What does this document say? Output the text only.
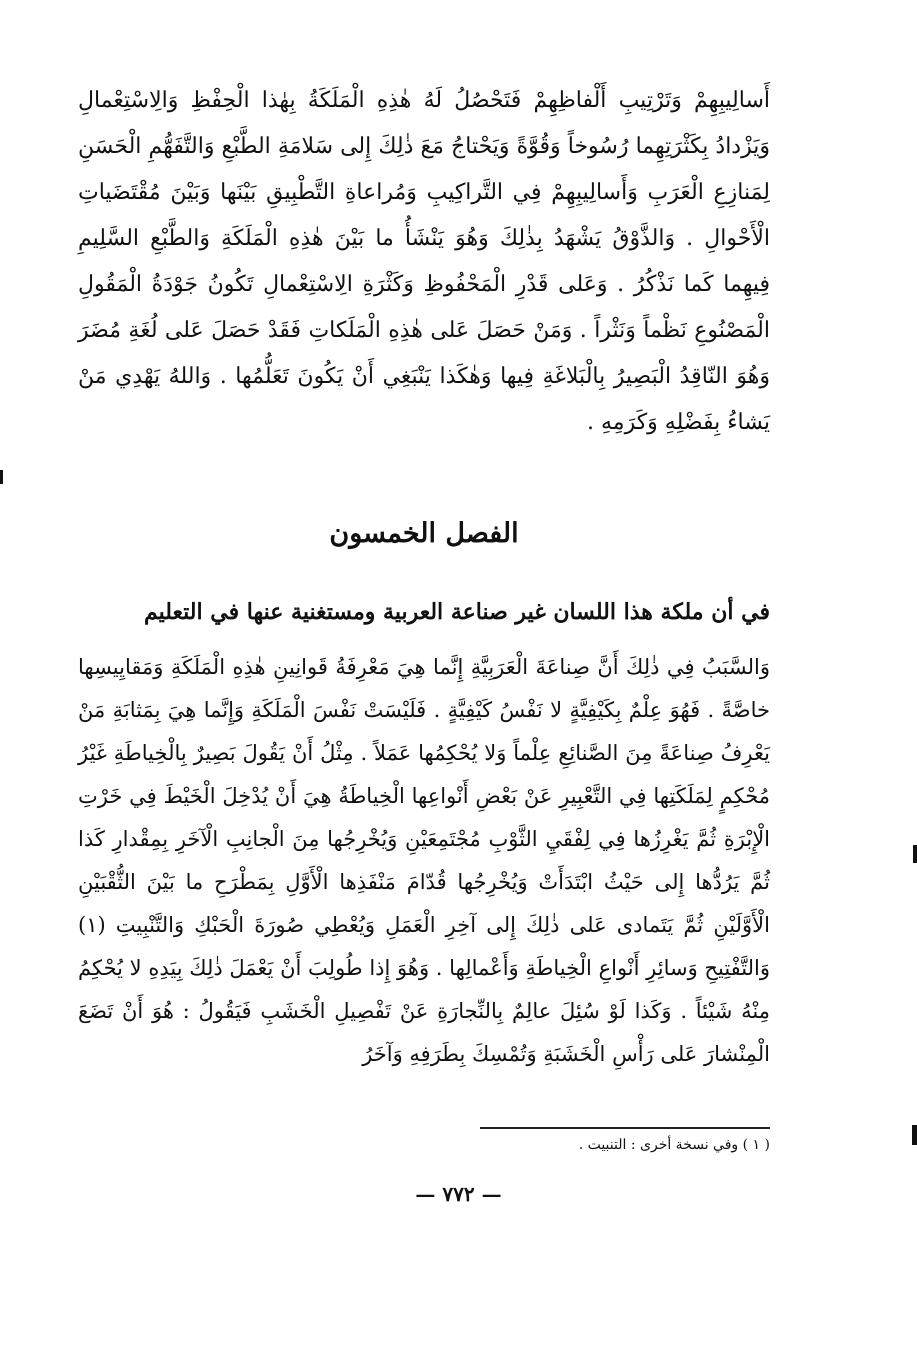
أَسالِيبِهِمْ وَتَرْتِيبِ أَلْفاظِهِمْ فَتَحْصُلُ لَهُ هٰذِهِ الْمَلَكَةُ بِهٰذا الْحِفْظِ وَالِاسْتِعْمالِ وَيَزْدادُ بِكَثْرَتِهِما رُسُوخاً وَقُوَّةً وَيَحْتاجُ مَعَ ذٰلِكَ إِلى سَلامَةِ الطَّبْعِ وَالتَّفَهُّمِ الْحَسَنِ لِمَنازِعِ الْعَرَبِ وَأَسالِيبِهِمْ فِي التَّراكِيبِ وَمُراعاةِ التَّطْبِيقِ بَيْنَها وَبَيْنَ مُقْتَضَياتِ الْأَحْوالِ . وَالذَّوْقُ يَشْهَدُ بِذٰلِكَ وَهُوَ يَنْشَأُ ما بَيْنَ هٰذِهِ الْمَلَكَةِ وَالطَّبْعِ السَّلِيمِ فِيهِما كَما نَذْكُرُ . وَعَلى قَدْرِ الْمَحْفُوظِ وَكَثْرَةِ الِاسْتِعْمالِ تَكُونُ جَوْدَةُ الْمَقُولِ الْمَصْنُوعِ نَظْماً وَنَثْراً . وَمَنْ حَصَلَ عَلى هٰذِهِ الْمَلَكاتِ فَقَدْ حَصَلَ عَلى لُغَةِ مُضَرَ وَهُوَ النّاقِدُ الْبَصِيرُ بِالْبَلاغَةِ فِيها وَهٰكَذا يَنْبَغِي أَنْ يَكُونَ تَعَلُّمُها . وَاللهُ يَهْدِي مَنْ يَشاءُ بِفَضْلِهِ وَكَرَمِهِ .

الفصل الخمسون
في أن ملكة هذا اللسان غير صناعة العربية ومستغنية عنها في التعليم

وَالسَّبَبُ فِي ذٰلِكَ أَنَّ صِناعَةَ الْعَرَبِيَّةِ إِنَّما هِيَ مَعْرِفَةُ قَوانِينِ هٰذِهِ الْمَلَكَةِ وَمَقايِيسِها خاصَّةً . فَهُوَ عِلْمٌ بِكَيْفِيَّةٍ لا نَفْسُ كَيْفِيَّةٍ . فَلَيْسَتْ نَفْسَ الْمَلَكَةِ وَإِنَّما هِيَ بِمَثابَةِ مَنْ يَعْرِفُ صِناعَةً مِنَ الصَّنائِعِ عِلْماً وَلا يُحْكِمُها عَمَلاً . مِثْلُ أَنْ يَقُولَ بَصِيرٌ بِالْخِياطَةِ غَيْرُ مُحْكِمٍ لِمَلَكَتِها فِي التَّعْبِيرِ عَنْ بَعْضِ أَنْواعِها الْخِياطَةُ هِيَ أَنْ يُدْخِلَ الْخَيْطَ فِي خَرْتِ الْإِبْرَةِ ثُمَّ يَغْرِزُها فِي لِفْقَيِ الثَّوْبِ مُجْتَمِعَيْنِ وَيُخْرِجُها مِنَ الْجانِبِ الْآخَرِ بِمِقْدارِ كَذا ثُمَّ يَرُدُّها إِلى حَيْثُ ابْتَدَأَتْ وَيُخْرِجُها قُدّامَ مَنْفَذِها الْأَوَّلِ بِمَطْرَحِ ما بَيْنَ الثُّقْبَيْنِ الْأَوَّلَيْنِ ثُمَّ يَتَمادى عَلى ذٰلِكَ إِلى آخِرِ الْعَمَلِ وَيُعْطِي صُورَةَ الْحَبْكِ وَالتَّنْبِيتِ (١) وَالتَّفْتِيحِ وَسائِرِ أَنْواعِ الْخِياطَةِ وَأَعْمالِها . وَهُوَ إِذا طُولِبَ أَنْ يَعْمَلَ ذٰلِكَ بِيَدِهِ لا يُحْكِمُ مِنْهُ شَيْئاً . وَكَذا لَوْ سُئِلَ عالِمٌ بِالنِّجارَةِ عَنْ تَفْصِيلِ الْخَشَبِ فَيَقُولُ : هُوَ أَنْ تَضَعَ الْمِنْشارَ عَلى رَأْسِ الْخَشَبَةِ وَتُمْسِكَ بِطَرَفِهِ وَآخَرُ

( ١ ) وفي نسخة أخرى : التنبيت .
— ٧٧٢ —
